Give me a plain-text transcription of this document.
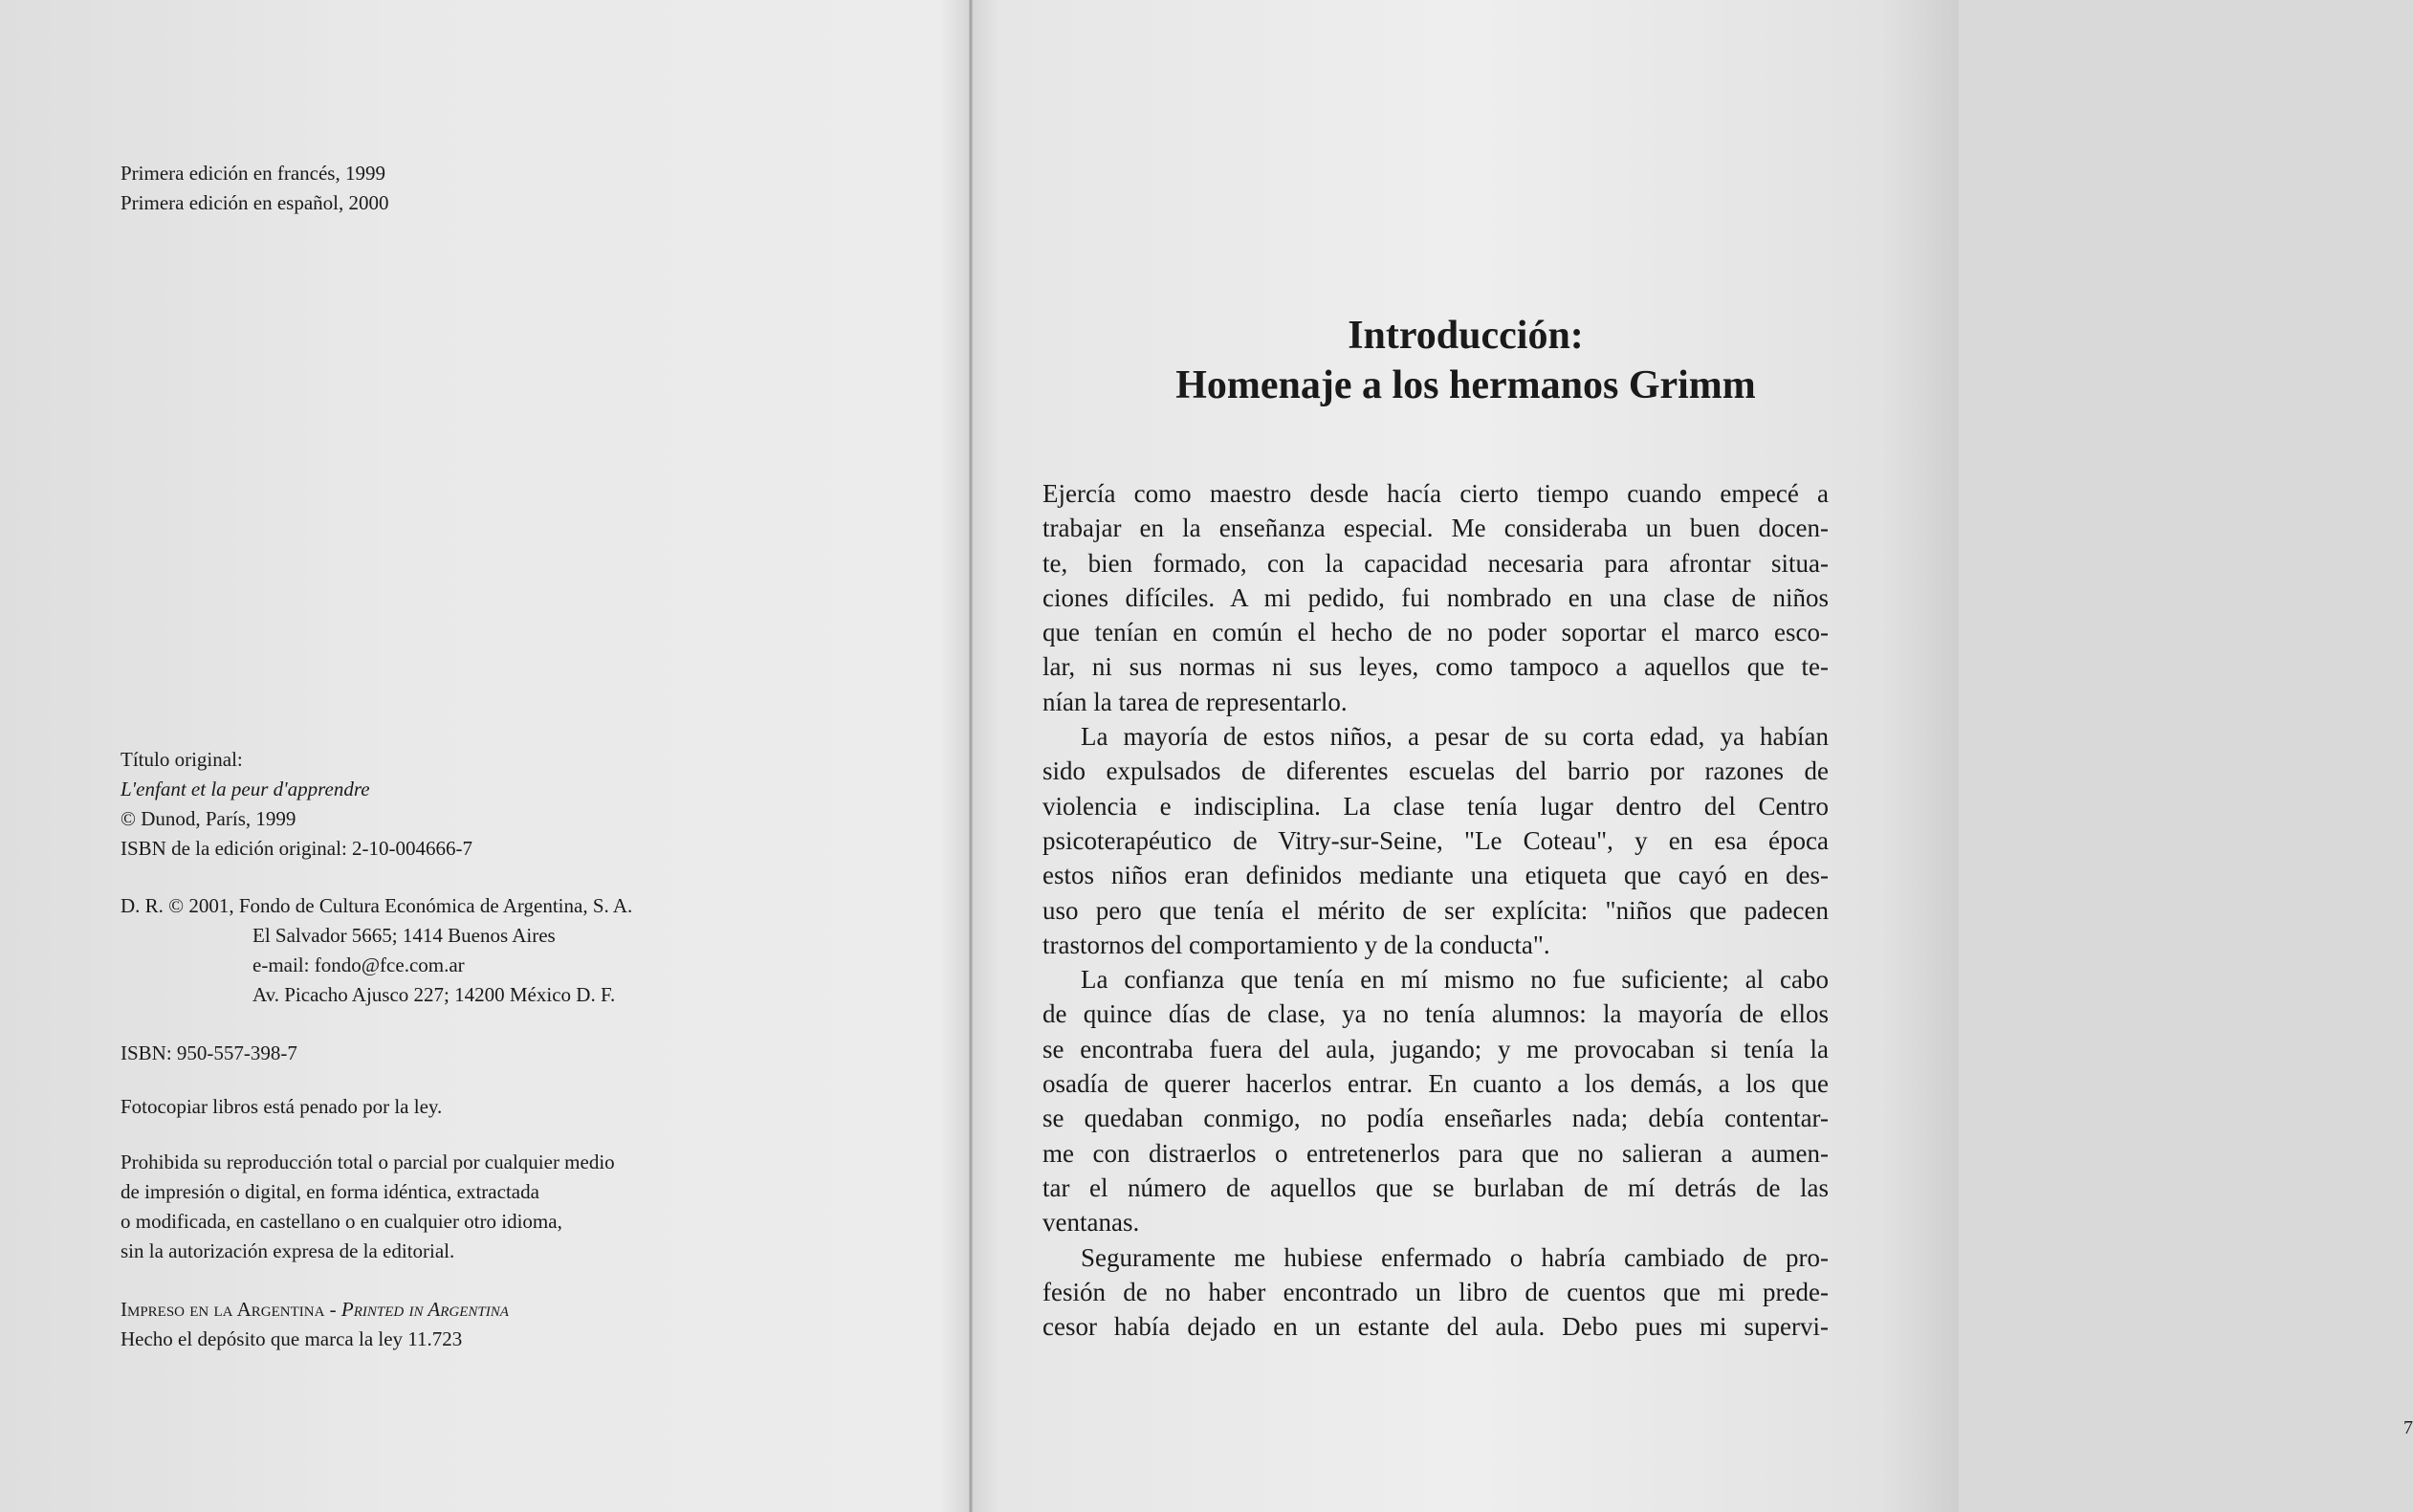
Primera edición en francés, 1999
Primera edición en español, 2000
Título original:
L'enfant et la peur d'apprendre
© Dunod, París, 1999
ISBN de la edición original: 2-10-004666-7
D. R. © 2001, Fondo de Cultura Económica de Argentina, S. A.
El Salvador 5665; 1414 Buenos Aires
e-mail: fondo@fce.com.ar
Av. Picacho Ajusco 227; 14200 México D. F.
ISBN: 950-557-398-7
Fotocopiar libros está penado por la ley.
Prohibida su reproducción total o parcial por cualquier medio
de impresión o digital, en forma idéntica, extractada
o modificada, en castellano o en cualquier otro idioma,
sin la autorización expresa de la editorial.
Impreso en la Argentina - Printed in Argentina
Hecho el depósito que marca la ley 11.723
Introducción:
Homenaje a los hermanos Grimm
7
Ejercía como maestro desde hacía cierto tiempo cuando empecé a
trabajar en la enseñanza especial. Me consideraba un buen docen-
te, bien formado, con la capacidad necesaria para afrontar situa-
ciones difíciles. A mi pedido, fui nombrado en una clase de niños
que tenían en común el hecho de no poder soportar el marco esco-
lar, ni sus normas ni sus leyes, como tampoco a aquellos que te-
nían la tarea de representarlo.
La mayoría de estos niños, a pesar de su corta edad, ya habían
sido expulsados de diferentes escuelas del barrio por razones de
violencia e indisciplina. La clase tenía lugar dentro del Centro
psicoterapéutico de Vitry-sur-Seine, "Le Coteau", y en esa época
estos niños eran definidos mediante una etiqueta que cayó en des-
uso pero que tenía el mérito de ser explícita: "niños que padecen
trastornos del comportamiento y de la conducta".
La confianza que tenía en mí mismo no fue suficiente; al cabo
de quince días de clase, ya no tenía alumnos: la mayoría de ellos
se encontraba fuera del aula, jugando; y me provocaban si tenía la
osadía de querer hacerlos entrar. En cuanto a los demás, a los que
se quedaban conmigo, no podía enseñarles nada; debía contentar-
me con distraerlos o entretenerlos para que no salieran a aumen-
tar el número de aquellos que se burlaban de mí detrás de las
ventanas.
Seguramente me hubiese enfermado o habría cambiado de pro-
fesión de no haber encontrado un libro de cuentos que mi prede-
cesor había dejado en un estante del aula. Debo pues mi supervi-
